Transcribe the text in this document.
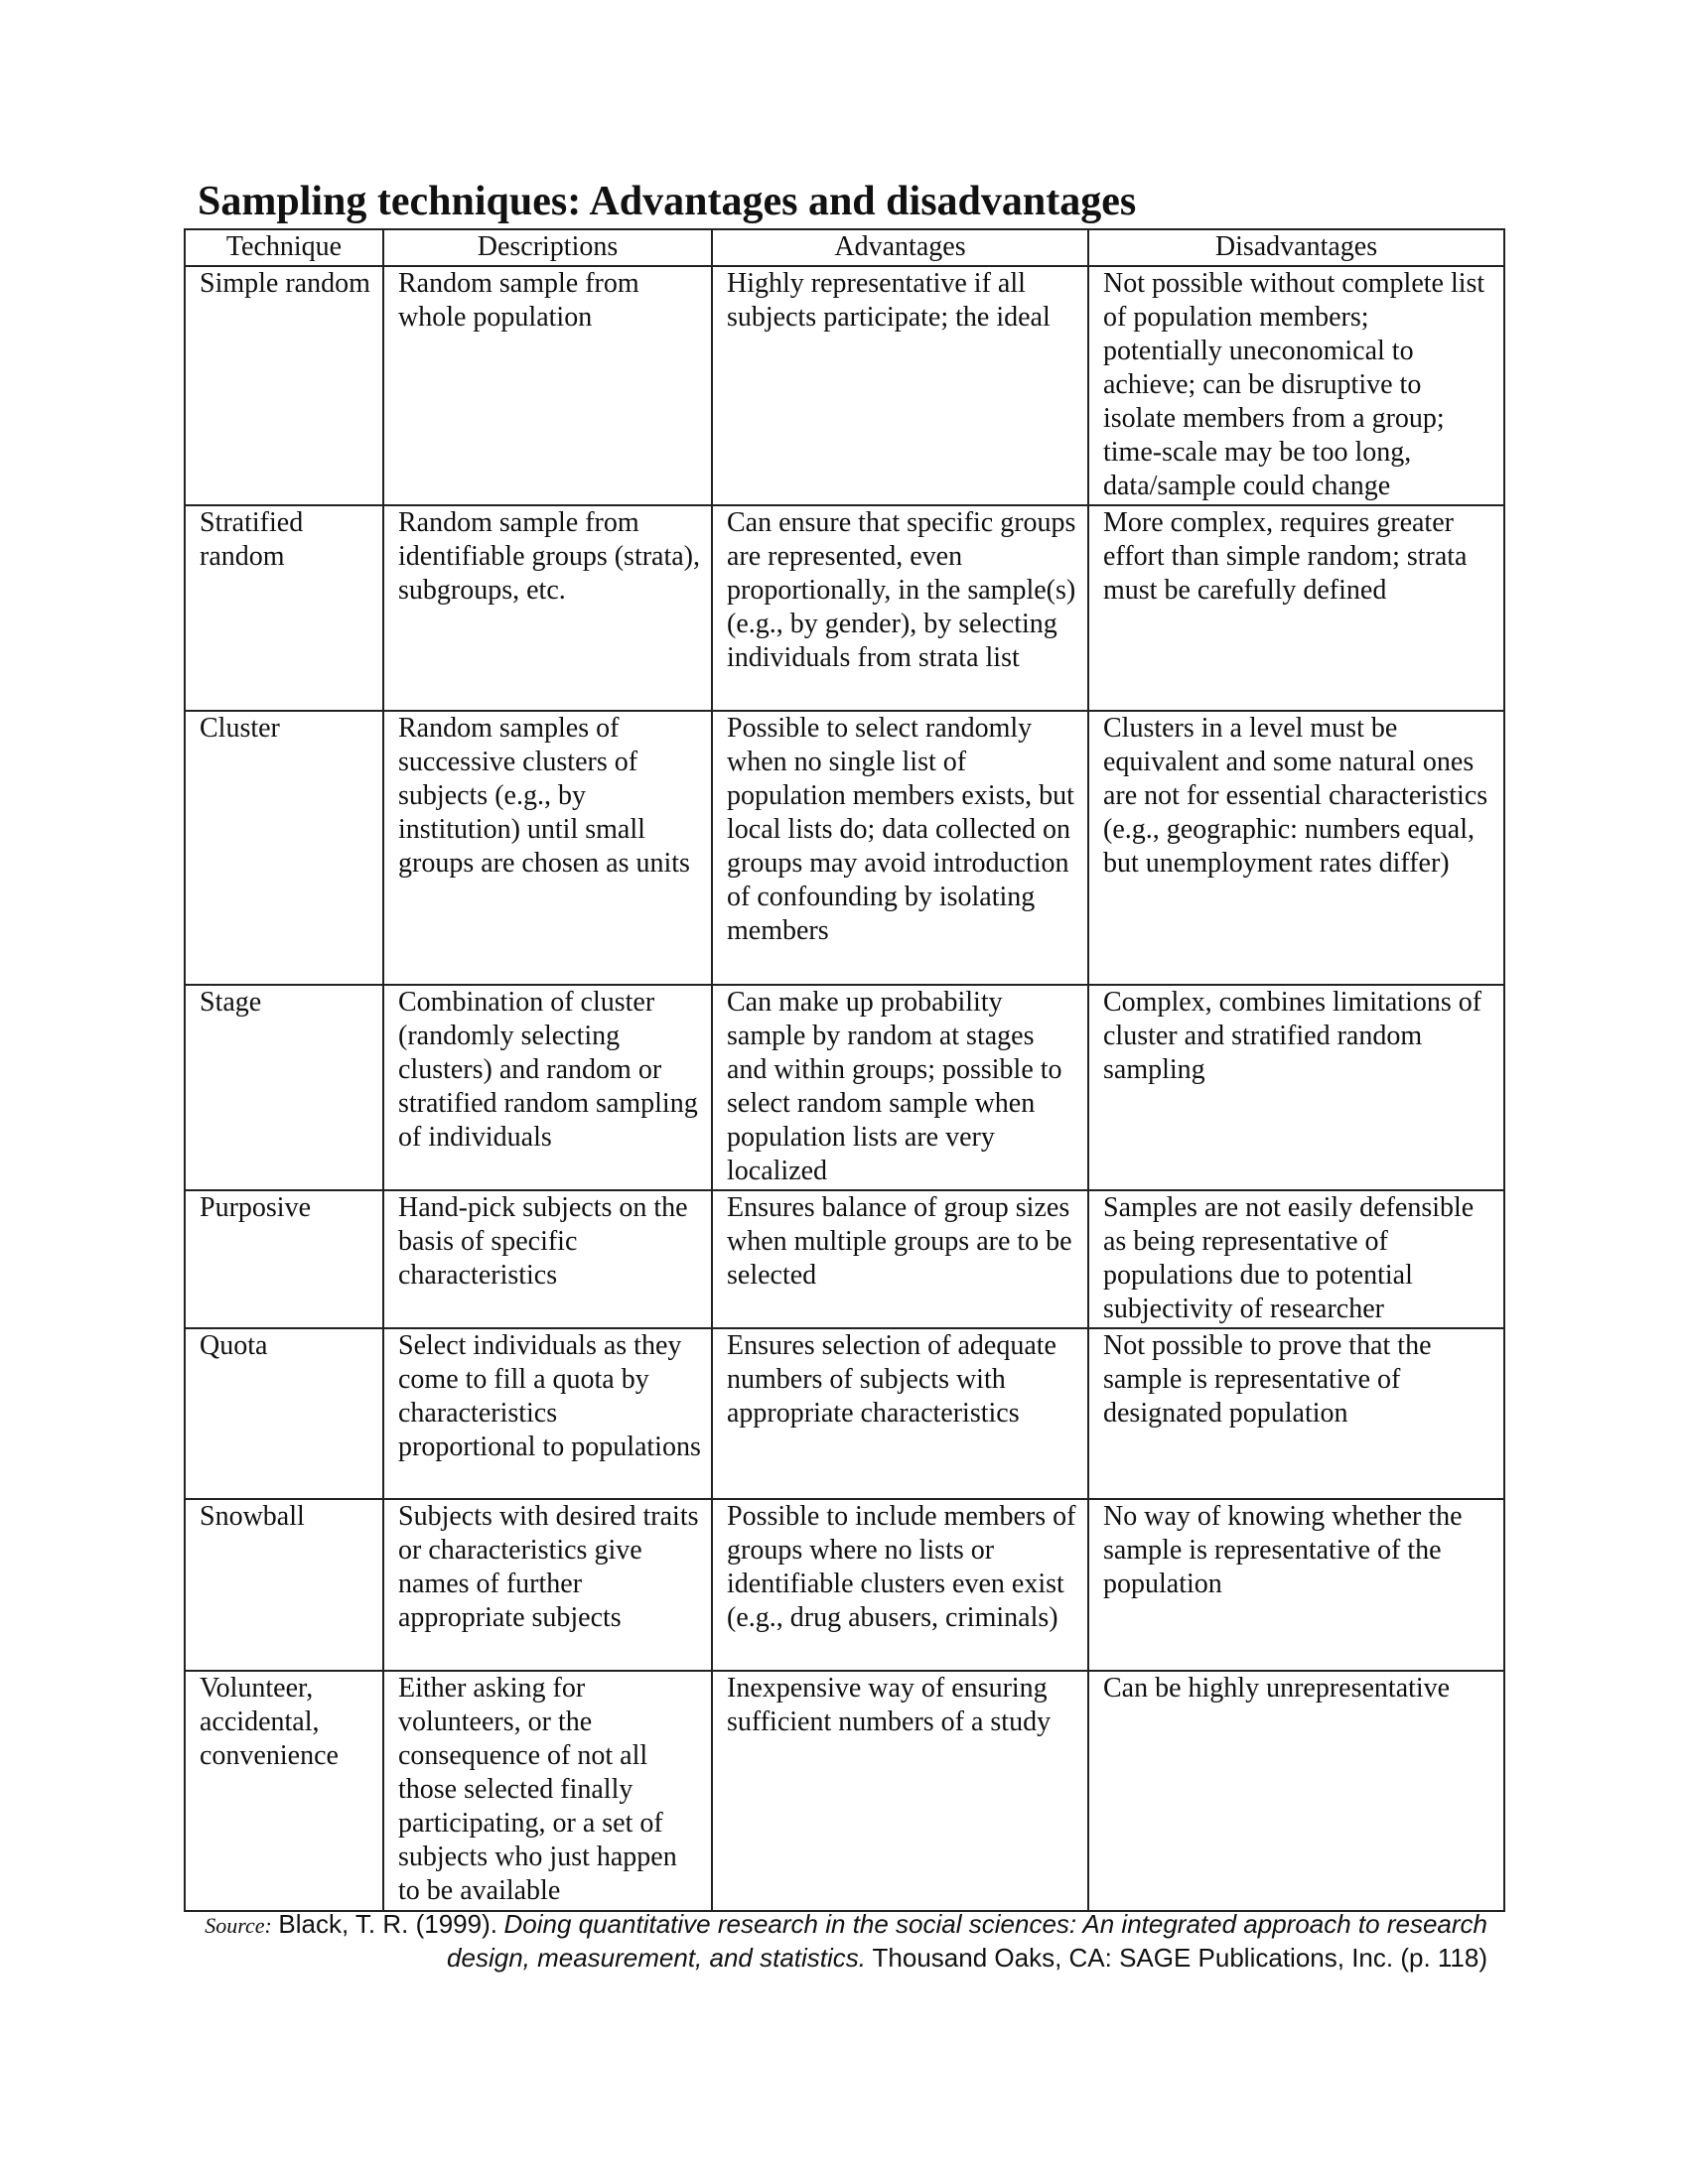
Sampling techniques: Advantages and disadvantages
Technique	Descriptions	Advantages	Disadvantages
Simple random	Random sample from whole population	Highly representative if all subjects participate; the ideal	Not possible without complete list of population members; potentially uneconomical to achieve; can be disruptive to isolate members from a group; time-scale may be too long, data/sample could change
Stratified random	Random sample from identifiable groups (strata), subgroups, etc.	Can ensure that specific groups are represented, even proportionally, in the sample(s) (e.g., by gender), by selecting individuals from strata list	More complex, requires greater effort than simple random; strata must be carefully defined
Cluster	Random samples of successive clusters of subjects (e.g., by institution) until small groups are chosen as units	Possible to select randomly when no single list of population members exists, but local lists do; data collected on groups may avoid introduction of confounding by isolating members	Clusters in a level must be equivalent and some natural ones are not for essential characteristics (e.g., geographic: numbers equal, but unemployment rates differ)
Stage	Combination of cluster (randomly selecting clusters) and random or stratified random sampling of individuals	Can make up probability sample by random at stages and within groups; possible to select random sample when population lists are very localized	Complex, combines limitations of cluster and stratified random sampling
Purposive	Hand-pick subjects on the basis of specific characteristics	Ensures balance of group sizes when multiple groups are to be selected	Samples are not easily defensible as being representative of populations due to potential subjectivity of researcher
Quota	Select individuals as they come to fill a quota by characteristics proportional to populations	Ensures selection of adequate numbers of subjects with appropriate characteristics	Not possible to prove that the sample is representative of designated population
Snowball	Subjects with desired traits or characteristics give names of further appropriate subjects	Possible to include members of groups where no lists or identifiable clusters even exist (e.g., drug abusers, criminals)	No way of knowing whether the sample is representative of the population
Volunteer, accidental, convenience	Either asking for volunteers, or the consequence of not all those selected finally participating, or a set of subjects who just happen to be available	Inexpensive way of ensuring sufficient numbers of a study	Can be highly unrepresentative
Source: Black, T. R. (1999). Doing quantitative research in the social sciences: An integrated approach to research
design, measurement, and statistics. Thousand Oaks, CA: SAGE Publications, Inc. (p. 118)
